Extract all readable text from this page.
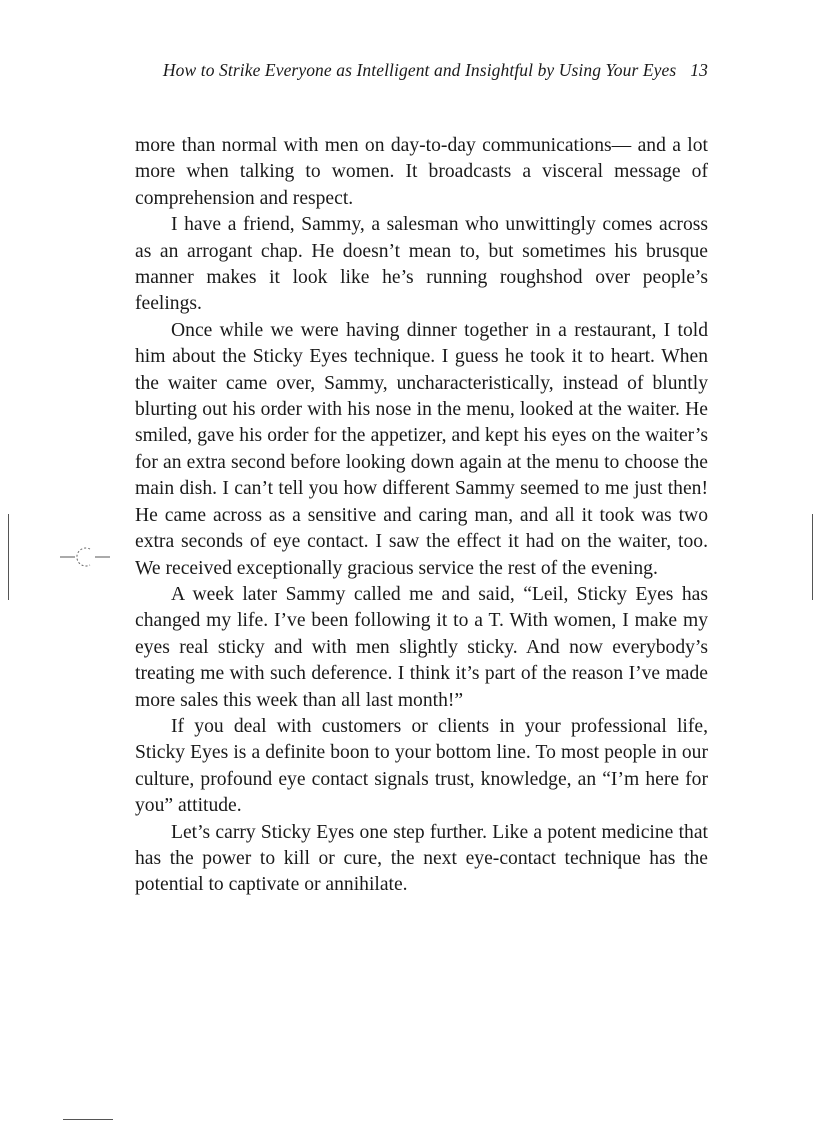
How to Strike Everyone as Intelligent and Insightful by Using Your Eyes 13

more than normal with men on day-to-day communications— and a lot more when talking to women. It broadcasts a visceral message of comprehension and respect.

I have a friend, Sammy, a salesman who unwittingly comes across as an arrogant chap. He doesn’t mean to, but sometimes his brusque manner makes it look like he’s running roughshod over people’s feelings.

Once while we were having dinner together in a restaurant, I told him about the Sticky Eyes technique. I guess he took it to heart. When the waiter came over, Sammy, uncharacteristically, instead of bluntly blurting out his order with his nose in the menu, looked at the waiter. He smiled, gave his order for the appetizer, and kept his eyes on the waiter’s for an extra second before looking down again at the menu to choose the main dish. I can’t tell you how different Sammy seemed to me just then! He came across as a sensitive and caring man, and all it took was two extra seconds of eye contact. I saw the effect it had on the waiter, too. We received exceptionally gracious service the rest of the evening.

A week later Sammy called me and said, “Leil, Sticky Eyes has changed my life. I’ve been following it to a T. With women, I make my eyes real sticky and with men slightly sticky. And now everybody’s treating me with such deference. I think it’s part of the reason I’ve made more sales this week than all last month!”

If you deal with customers or clients in your professional life, Sticky Eyes is a definite boon to your bottom line. To most people in our culture, profound eye contact signals trust, knowledge, an “I’m here for you” attitude.

Let’s carry Sticky Eyes one step further. Like a potent medicine that has the power to kill or cure, the next eye-contact technique has the potential to captivate or annihilate.
